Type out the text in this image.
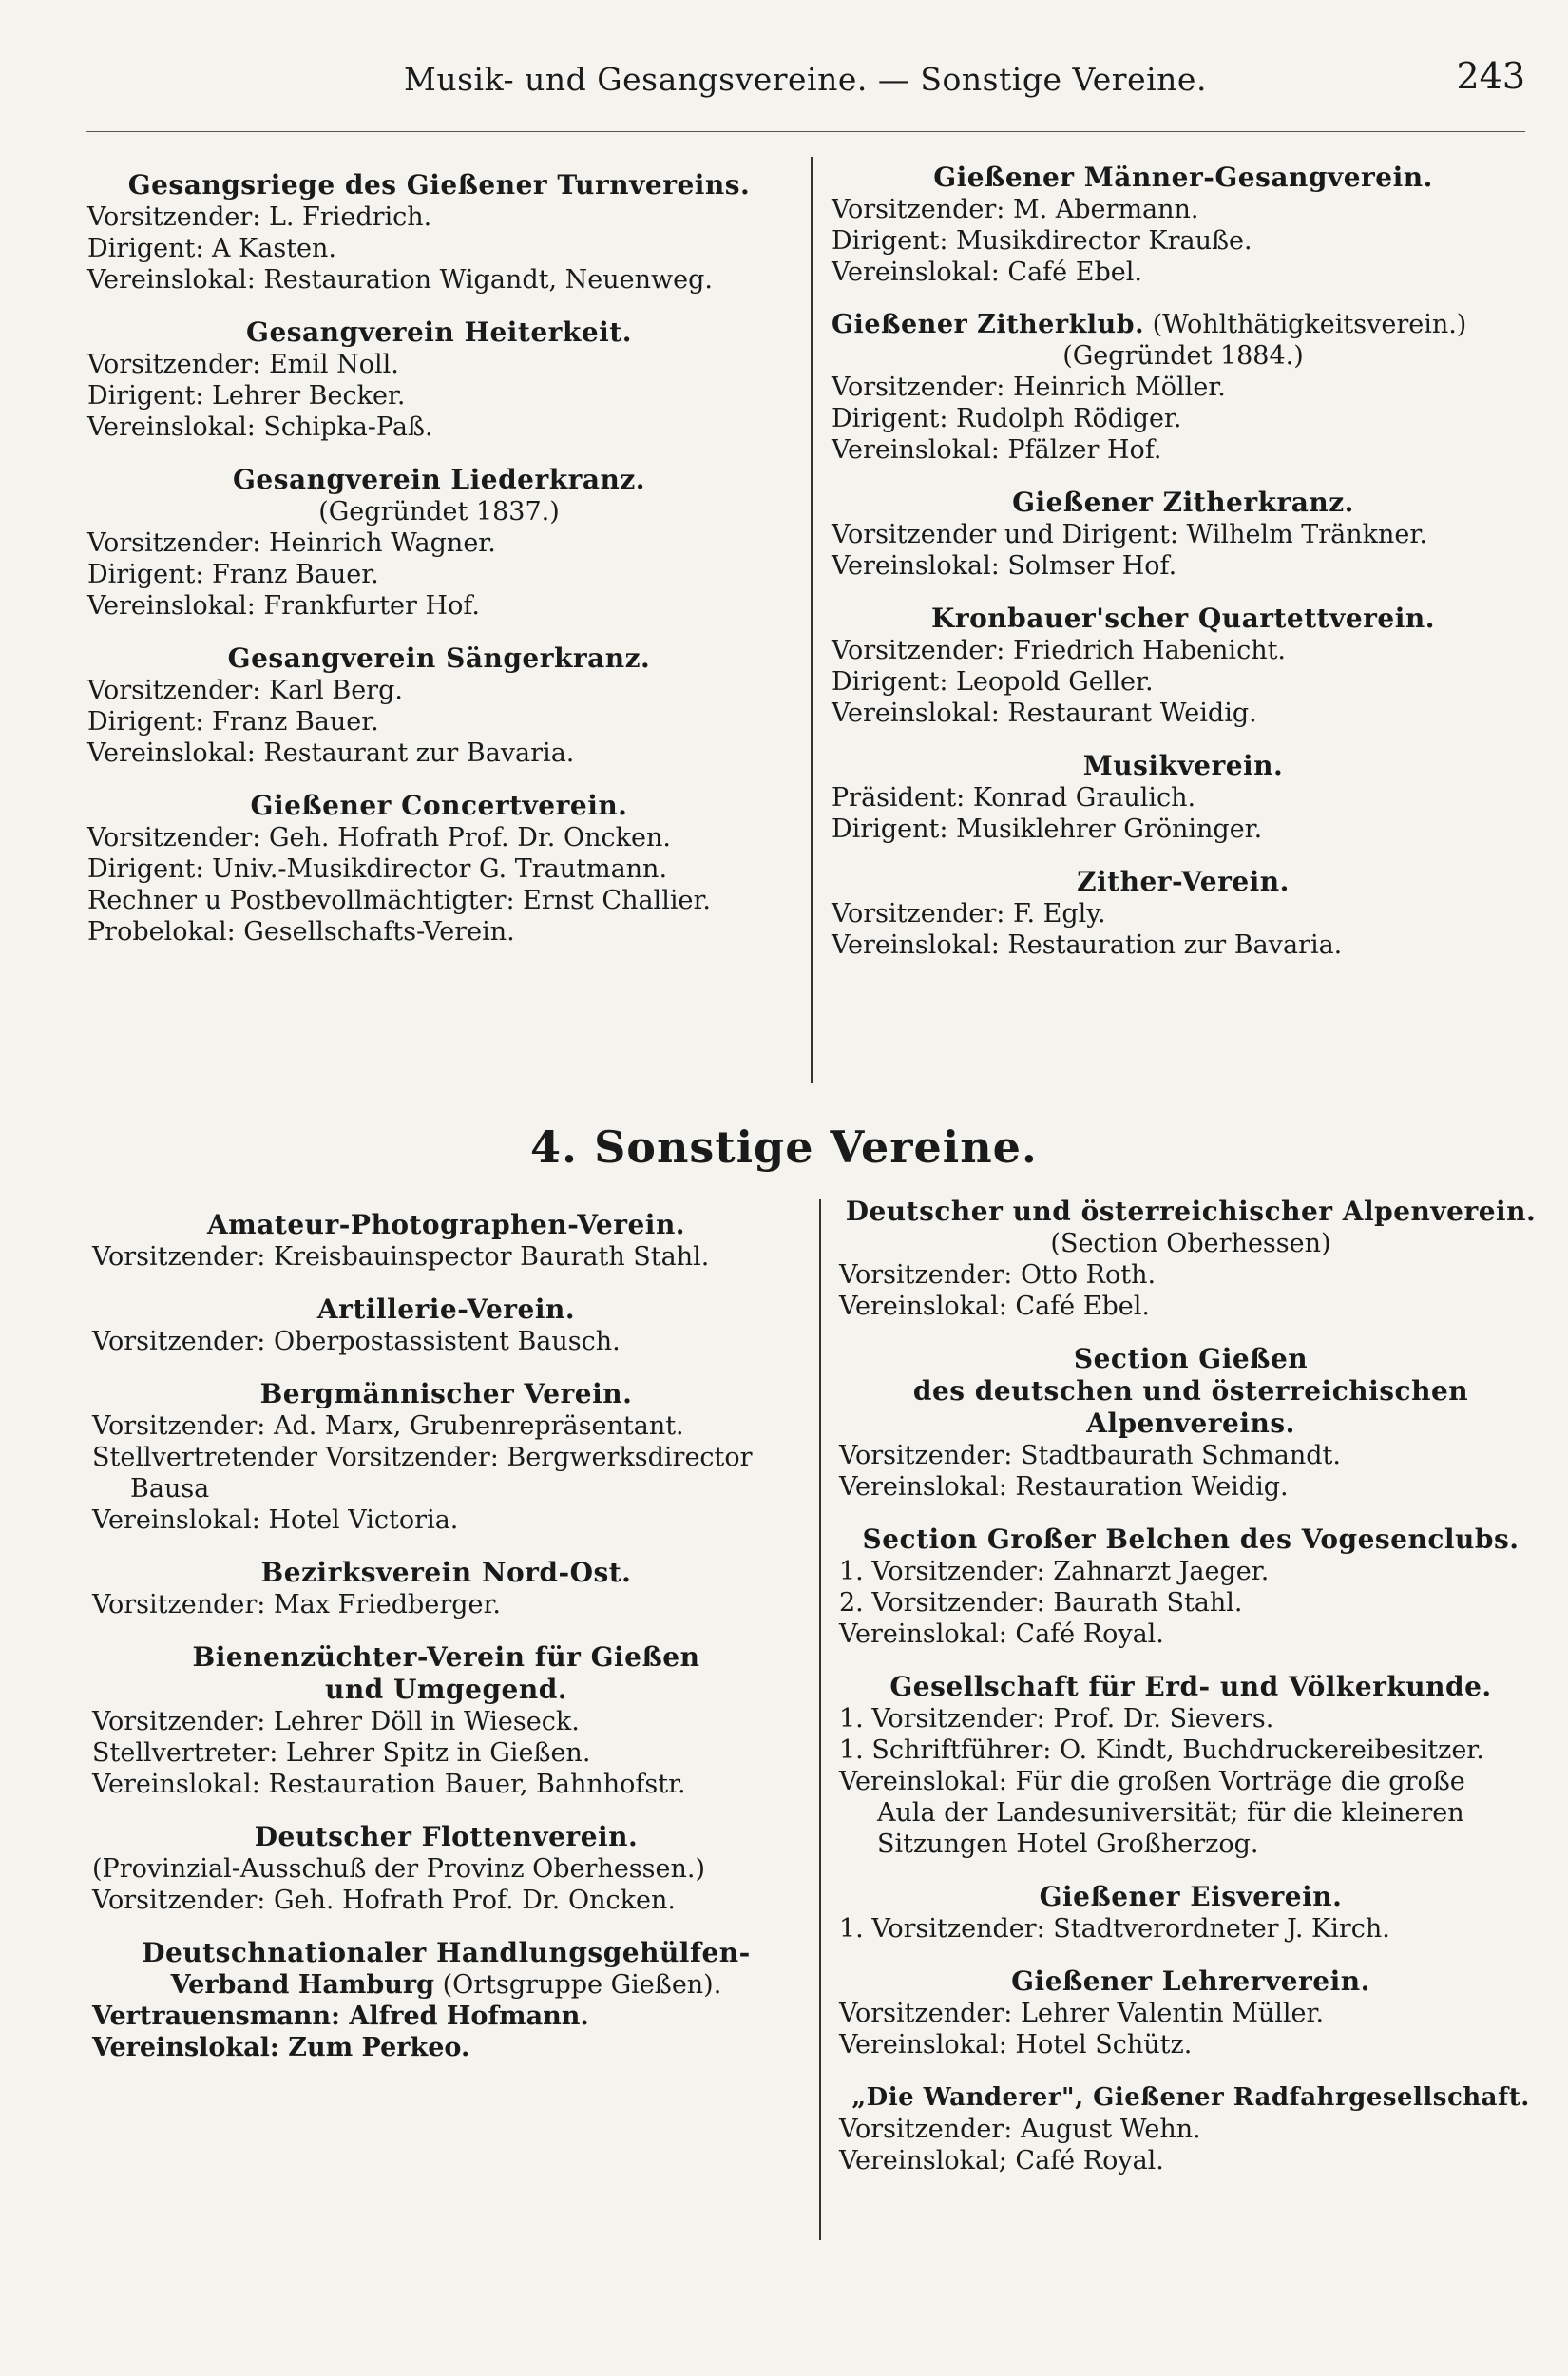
Musik- und Gesangsvereine. — Sonstige Vereine.	243
Gesangsriege des Gießener Turnvereins.
Vorsitzender: L. Friedrich.
Dirigent: A Kasten.
Vereinslokal: Restauration Wigandt, Neuenweg.
Gesangverein Heiterkeit.
Vorsitzender: Emil Noll.
Dirigent: Lehrer Becker.
Vereinslokal: Schipka-Paß.
Gesangverein Liederkranz.
(Gegründet 1837.)
Vorsitzender: Heinrich Wagner.
Dirigent: Franz Bauer.
Vereinslokal: Frankfurter Hof.
Gesangverein Sängerkranz.
Vorsitzender: Karl Berg.
Dirigent: Franz Bauer.
Vereinslokal: Restaurant zur Bavaria.
Gießener Concertverein.
Vorsitzender: Geh. Hofrath Prof. Dr. Oncken.
Dirigent: Univ.-Musikdirector G. Trautmann.
Rechner u Postbevollmächtigter: Ernst Challier.
Probelokal: Gesellschafts-Verein.
Gießener Männer-Gesangverein.
Vorsitzender: M. Abermann.
Dirigent: Musikdirector Kraußе.
Vereinslokal: Café Ebel.
Gießener Zitherklub. (Wohlthätigkeitsverein.)
(Gegründet 1884.)
Vorsitzender: Heinrich Möller.
Dirigent: Rudolph Rödiger.
Vereinslokal: Pfälzer Hof.
Gießener Zitherkranz.
Vorsitzender und Dirigent: Wilhelm Tränkner.
Vereinslokal: Solmser Hof.
Kronbauer'scher Quartettverein.
Vorsitzender: Friedrich Habenicht.
Dirigent: Leopold Geller.
Vereinslokal: Restaurant Weidig.
Musikverein.
Präsident: Konrad Graulich.
Dirigent: Musiklehrer Gröninger.
Zither-Verein.
Vorsitzender: F. Egly.
Vereinslokal: Restauration zur Bavaria.
4. Sonstige Vereine.
Amateur-Photographen-Verein.
Vorsitzender: Kreisbauinspector Baurath Stahl.
Artillerie-Verein.
Vorsitzender: Oberpostassistent Bausch.
Bergmännischer Verein.
Vorsitzender: Ad. Marx, Grubenrepräsentant.
Stellvertretender Vorsitzender: Bergwerksdirector
Bausa
Vereinslokal: Hotel Victoria.
Bezirksverein Nord-Ost.
Vorsitzender: Max Friedberger.
Bienenzüchter-Verein für Gießen
und Umgegend.
Vorsitzender: Lehrer Döll in Wieseck.
Stellvertreter: Lehrer Spitz in Gießen.
Vereinslokal: Restauration Bauer, Bahnhofstr.
Deutscher Flottenverein.
(Provinzial-Ausschuß der Provinz Oberhessen.)
Vorsitzender: Geh. Hofrath Prof. Dr. Oncken.
Deutschnationaler Handlungsgehülfen-
Verband Hamburg (Ortsgruppe Gießen).
Vertrauensmann: Alfred Hofmann.
Vereinslokal: Zum Perkeo.
Deutscher und österreichischer Alpenverein.
(Section Oberhessen)
Vorsitzender: Otto Roth.
Vereinslokal: Café Ebel.
Section Gießen
des deutschen und österreichischen Alpenvereins.
Vorsitzender: Stadtbaurath Schmandt.
Vereinslokal: Restauration Weidig.
Section Großer Belchen des Vogesenclubs.
1. Vorsitzender: Zahnarzt Jaeger.
2. Vorsitzender: Baurath Stahl.
Vereinslokal: Café Royal.
Gesellschaft für Erd- und Völkerkunde.
1. Vorsitzender: Prof. Dr. Sievers.
1. Schriftführer: O. Kindt, Buchdruckereibesitzer.
Vereinslokal: Für die großen Vorträge die große
Aula der Landesuniversität; für die kleineren
Sitzungen Hotel Großherzog.
Gießener Eisverein.
1. Vorsitzender: Stadtverordneter J. Kirch.
Gießener Lehrerverein.
Vorsitzender: Lehrer Valentin Müller.
Vereinslokal: Hotel Schütz.
„Die Wanderer", Gießener Radfahrgesellschaft.
Vorsitzender: August Wehn.
Vereinslokal; Café Royal.
